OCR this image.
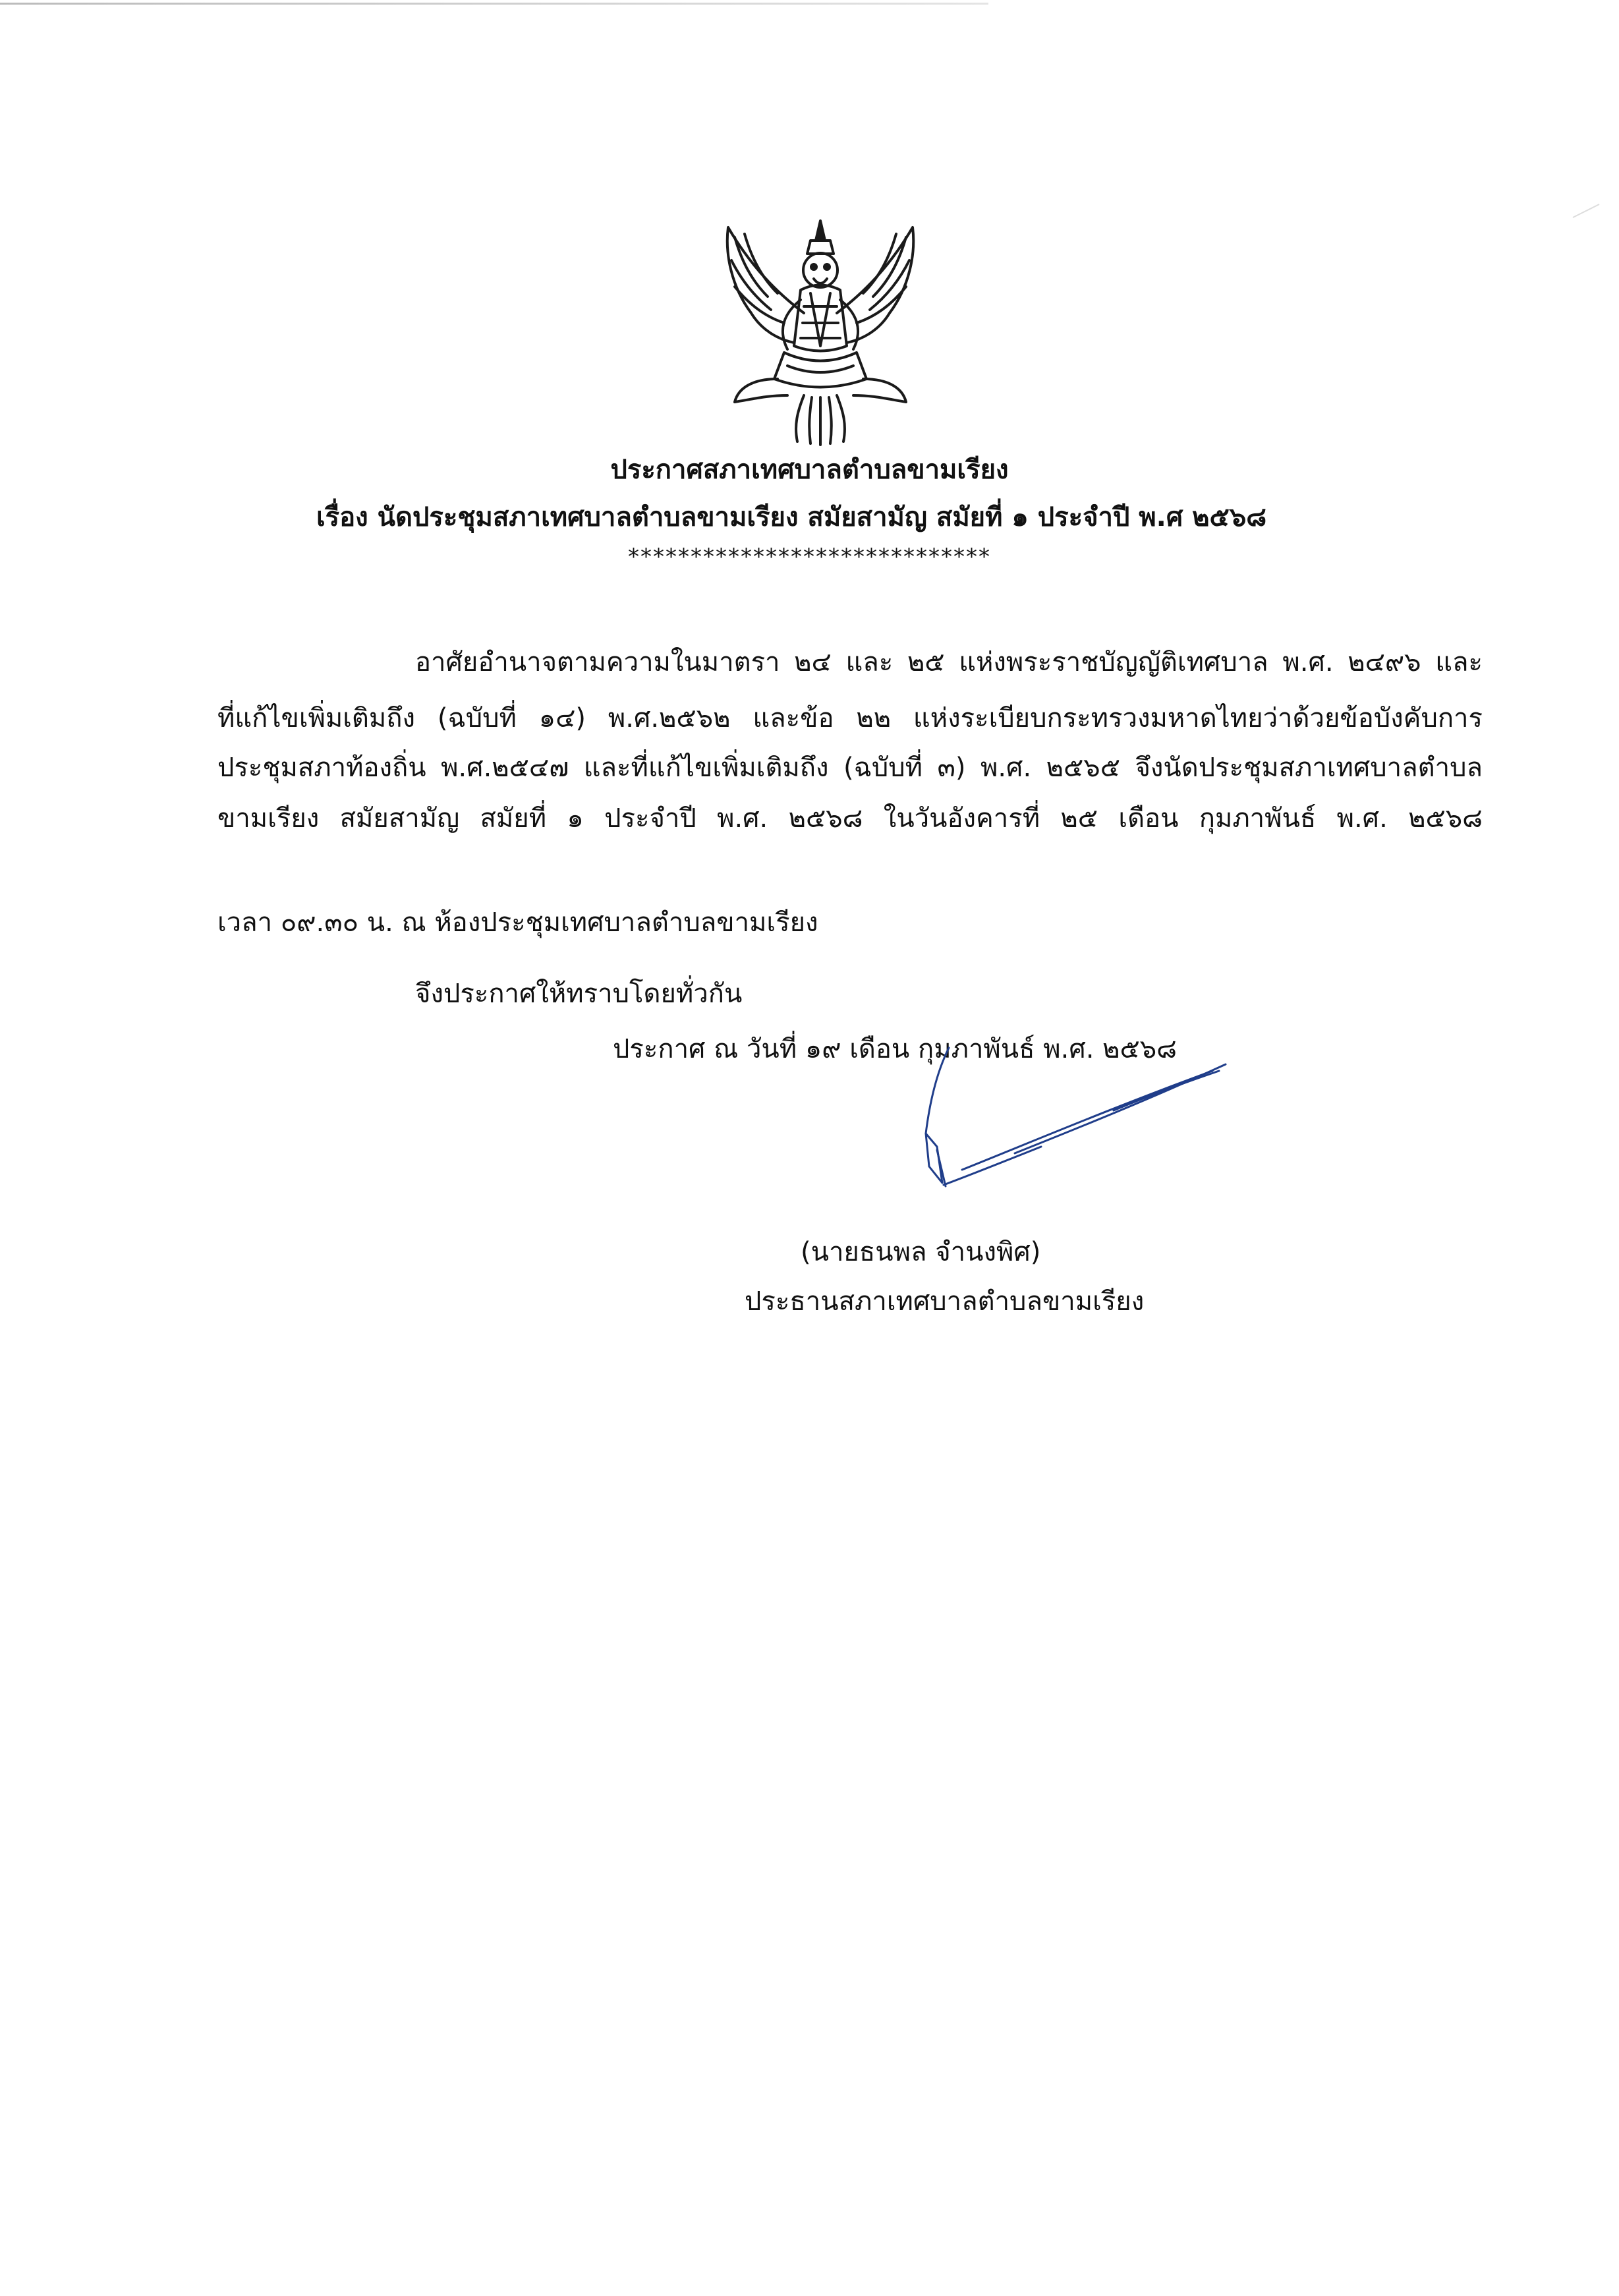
ประกาศสภาเทศบาลตำบลขามเรียง
เรื่อง นัดประชุมสภาเทศบาลตำบลขามเรียง สมัยสามัญ สมัยที่ ๑ ประจำปี พ.ศ ๒๕๖๘
*****************************
อาศัยอำนาจตามความในมาตรา ๒๔ และ ๒๕ แห่งพระราชบัญญัติเทศบาล พ.ศ. ๒๔๙๖ และ
ที่แก้ไขเพิ่มเติมถึง (ฉบับที่ ๑๔) พ.ศ.๒๕๖๒ และข้อ ๒๒ แห่งระเบียบกระทรวงมหาดไทยว่าด้วยข้อบังคับการ
ประชุมสภาท้องถิ่น พ.ศ.๒๕๔๗ และที่แก้ไขเพิ่มเติมถึง (ฉบับที่ ๓) พ.ศ. ๒๕๖๕ จึงนัดประชุมสภาเทศบาลตำบล
ขามเรียง สมัยสามัญ สมัยที่ ๑ ประจำปี พ.ศ. ๒๕๖๘ ในวันอังคารที่ ๒๕ เดือน กุมภาพันธ์ พ.ศ. ๒๕๖๘
เวลา ๐๙.๓๐ น. ณ ห้องประชุมเทศบาลตำบลขามเรียง
จึงประกาศให้ทราบโดยทั่วกัน
ประกาศ ณ วันที่ ๑๙ เดือน กุมภาพันธ์ พ.ศ. ๒๕๖๘
(นายธนพล จำนงพิศ)
ประธานสภาเทศบาลตำบลขามเรียง
